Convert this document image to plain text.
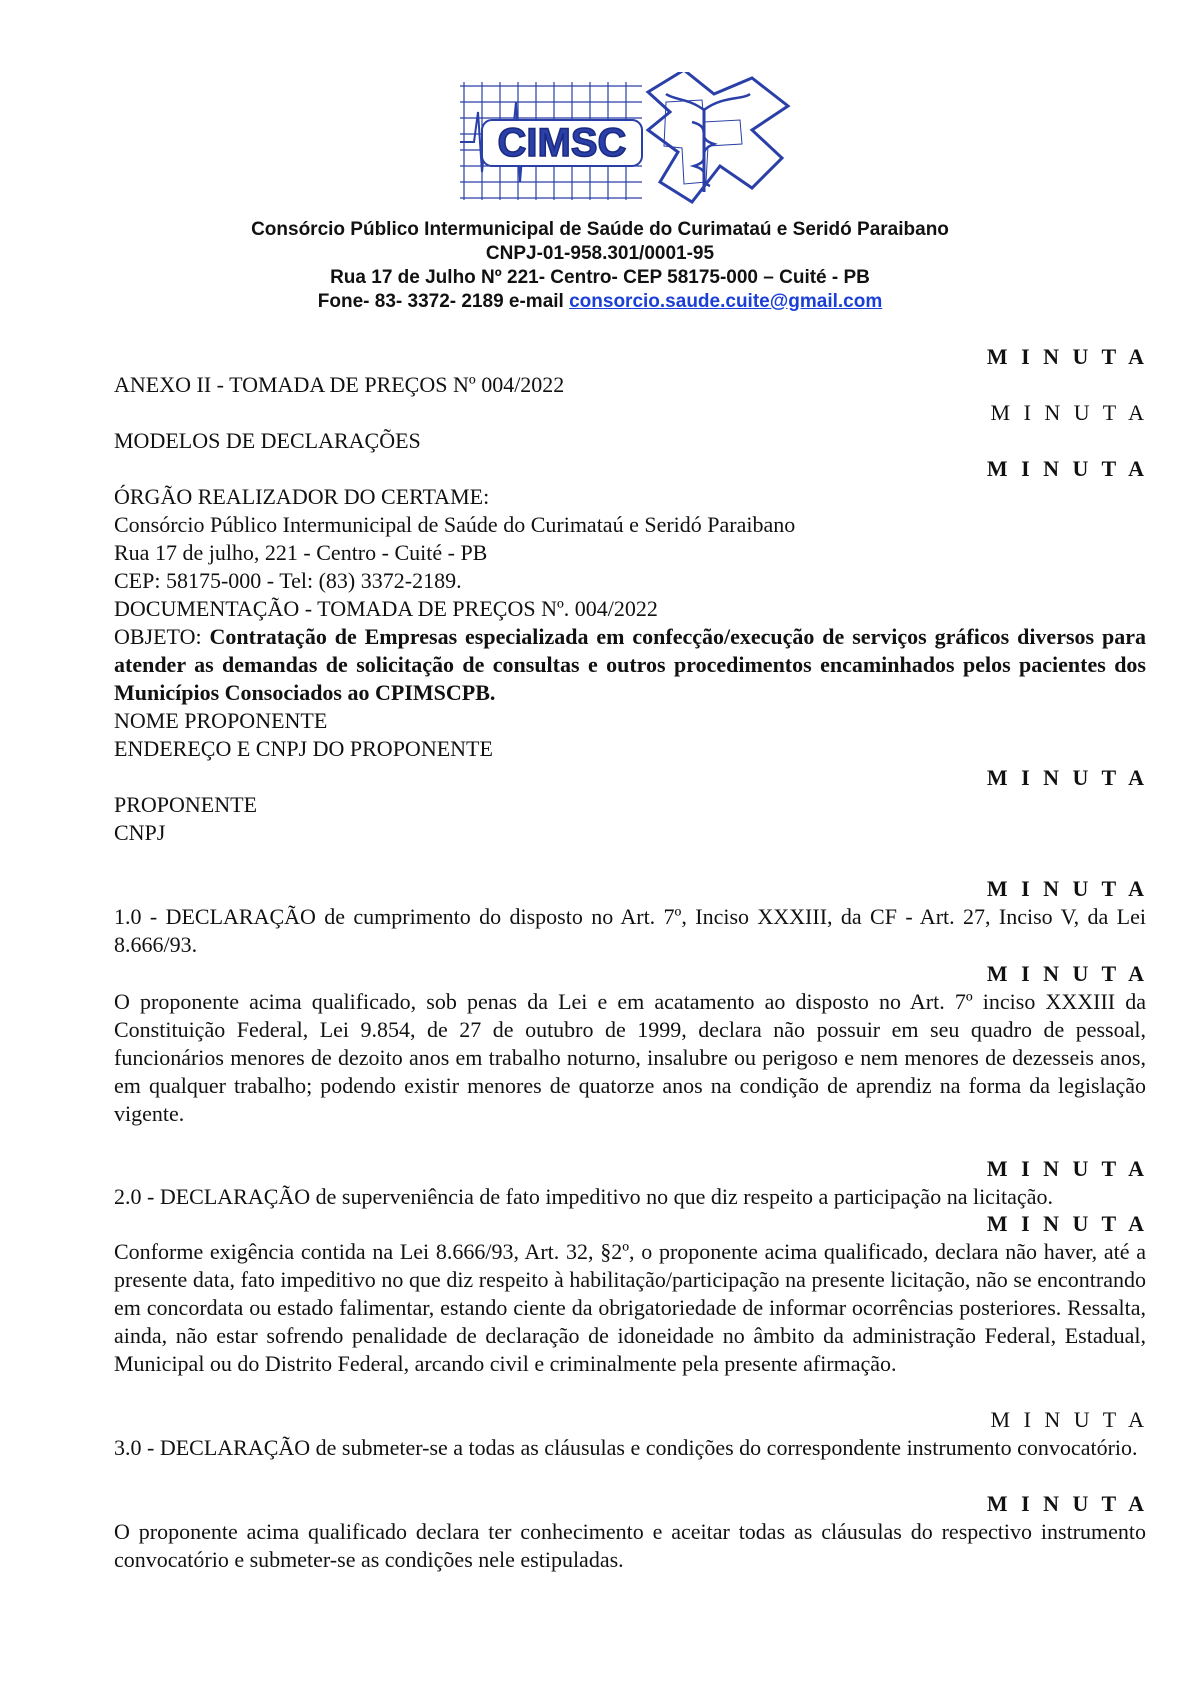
CIMSC
Consórcio Público Intermunicipal de Saúde do Curimataú e Seridó Paraibano
CNPJ-01-958.301/0001-95
Rua 17 de Julho Nº 221- Centro- CEP 58175-000 – Cuité - PB
Fone- 83- 3372- 2189 e-mail consorcio.saude.cuite@gmail.com
M I N U T A
M I N U T A
M I N U T A
M I N U T A
M I N U T A
M I N U T A
M I N U T A
M I N U T A
M I N U T A
M I N U T A
ANEXO II - TOMADA DE PREÇOS Nº 004/2022
MODELOS DE DECLARAÇÕES
ÓRGÃO REALIZADOR DO CERTAME:
Consórcio Público Intermunicipal de Saúde do Curimataú e Seridó Paraibano
Rua 17 de julho, 221 - Centro - Cuité - PB
CEP: 58175-000 - Tel: (83) 3372-2189.
DOCUMENTAÇÃO - TOMADA DE PREÇOS Nº. 004/2022
OBJETO: Contratação de Empresas especializada em confecção/execução de serviços gráficos diversos para atender as demandas de solicitação de consultas e outros procedimentos encaminhados pelos pacientes dos Municípios Consociados ao CPIMSCPB.
NOME PROPONENTE
ENDEREÇO E CNPJ DO PROPONENTE
PROPONENTE
CNPJ
1.0 - DECLARAÇÃO de cumprimento do disposto no Art. 7º, Inciso XXXIII, da CF - Art. 27, Inciso V, da Lei 8.666/93.
O proponente acima qualificado, sob penas da Lei e em acatamento ao disposto no Art. 7º inciso XXXIII da Constituição Federal, Lei 9.854, de 27 de outubro de 1999, declara não possuir em seu quadro de pessoal, funcionários menores de dezoito anos em trabalho noturno, insalubre ou perigoso e nem menores de dezesseis anos, em qualquer trabalho; podendo existir menores de quatorze anos na condição de aprendiz na forma da legislação vigente.
2.0 - DECLARAÇÃO de superveniência de fato impeditivo no que diz respeito a participação na licitação.
Conforme exigência contida na Lei 8.666/93, Art. 32, §2º, o proponente acima qualificado, declara não haver, até a presente data, fato impeditivo no que diz respeito à habilitação/participação na presente licitação, não se encontrando em concordata ou estado falimentar, estando ciente da obrigatoriedade de informar ocorrências posteriores. Ressalta, ainda, não estar sofrendo penalidade de declaração de idoneidade no âmbito da administração Federal, Estadual, Municipal ou do Distrito Federal, arcando civil e criminalmente pela presente afirmação.
3.0 - DECLARAÇÃO de submeter-se a todas as cláusulas e condições do correspondente instrumento convocatório.
O proponente acima qualificado declara ter conhecimento e aceitar todas as cláusulas do respectivo instrumento convocatório e submeter-se as condições nele estipuladas.
